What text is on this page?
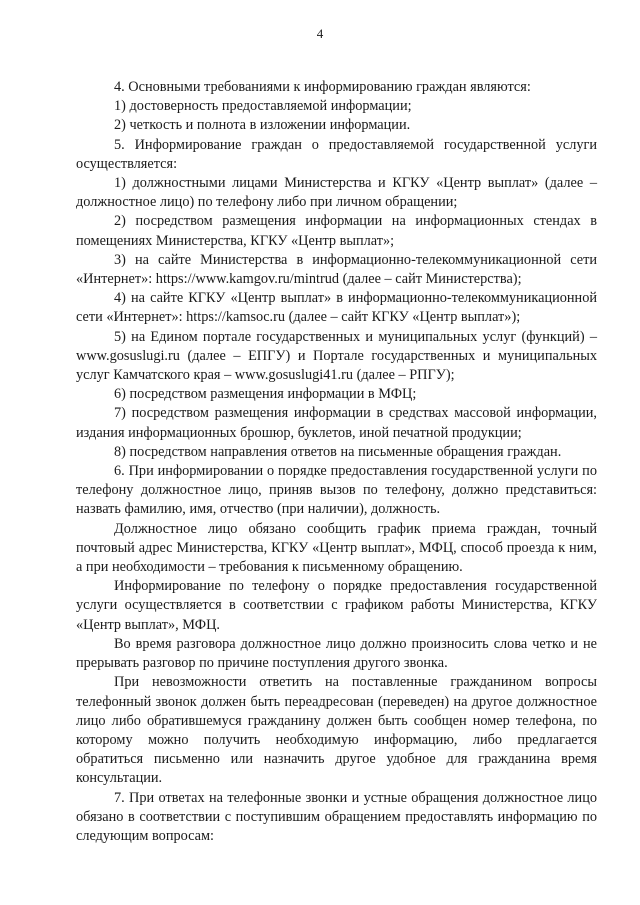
4

4. Основными требованиями к информированию граждан являются:

1) достоверность предоставляемой информации;

2) четкость и полнота в изложении информации.

5. Информирование граждан о предоставляемой государственной услуги осуществляется:

1) должностными лицами Министерства и КГКУ «Центр выплат» (далее – должностное лицо) по телефону либо при личном обращении;

2) посредством размещения информации на информационных стендах в помещениях Министерства, КГКУ «Центр выплат»;

3) на сайте Министерства в информационно-телекоммуникационной сети «Интернет»: https://www.kamgov.ru/mintrud (далее – сайт Министерства);

4) на сайте КГКУ «Центр выплат» в информационно-телекоммуникационной сети «Интернет»: https://kamsoc.ru (далее – сайт КГКУ «Центр выплат»);

5) на Едином портале государственных и муниципальных услуг (функций) – www.gosuslugi.ru (далее – ЕПГУ) и Портале государственных и муниципальных услуг Камчатского края – www.gosuslugi41.ru (далее – РПГУ);

6) посредством размещения информации в МФЦ;

7) посредством размещения информации в средствах массовой информации, издания информационных брошюр, буклетов, иной печатной продукции;

8) посредством направления ответов на письменные обращения граждан.

6. При информировании о порядке предоставления государственной услуги по телефону должностное лицо, приняв вызов по телефону, должно представиться: назвать фамилию, имя, отчество (при наличии), должность.

Должностное лицо обязано сообщить график приема граждан, точный почтовый адрес Министерства, КГКУ «Центр выплат», МФЦ, способ проезда к ним, а при необходимости – требования к письменному обращению.

Информирование по телефону о порядке предоставления государственной услуги осуществляется в соответствии с графиком работы Министерства, КГКУ «Центр выплат», МФЦ.

Во время разговора должностное лицо должно произносить слова четко и не прерывать разговор по причине поступления другого звонка.

При невозможности ответить на поставленные гражданином вопросы телефонный звонок должен быть переадресован (переведен) на другое должностное лицо либо обратившемуся гражданину должен быть сообщен номер телефона, по которому можно получить необходимую информацию, либо предлагается обратиться письменно или назначить другое удобное для гражданина время консультации.

7. При ответах на телефонные звонки и устные обращения должностное лицо обязано в соответствии с поступившим обращением предоставлять информацию по следующим вопросам:
